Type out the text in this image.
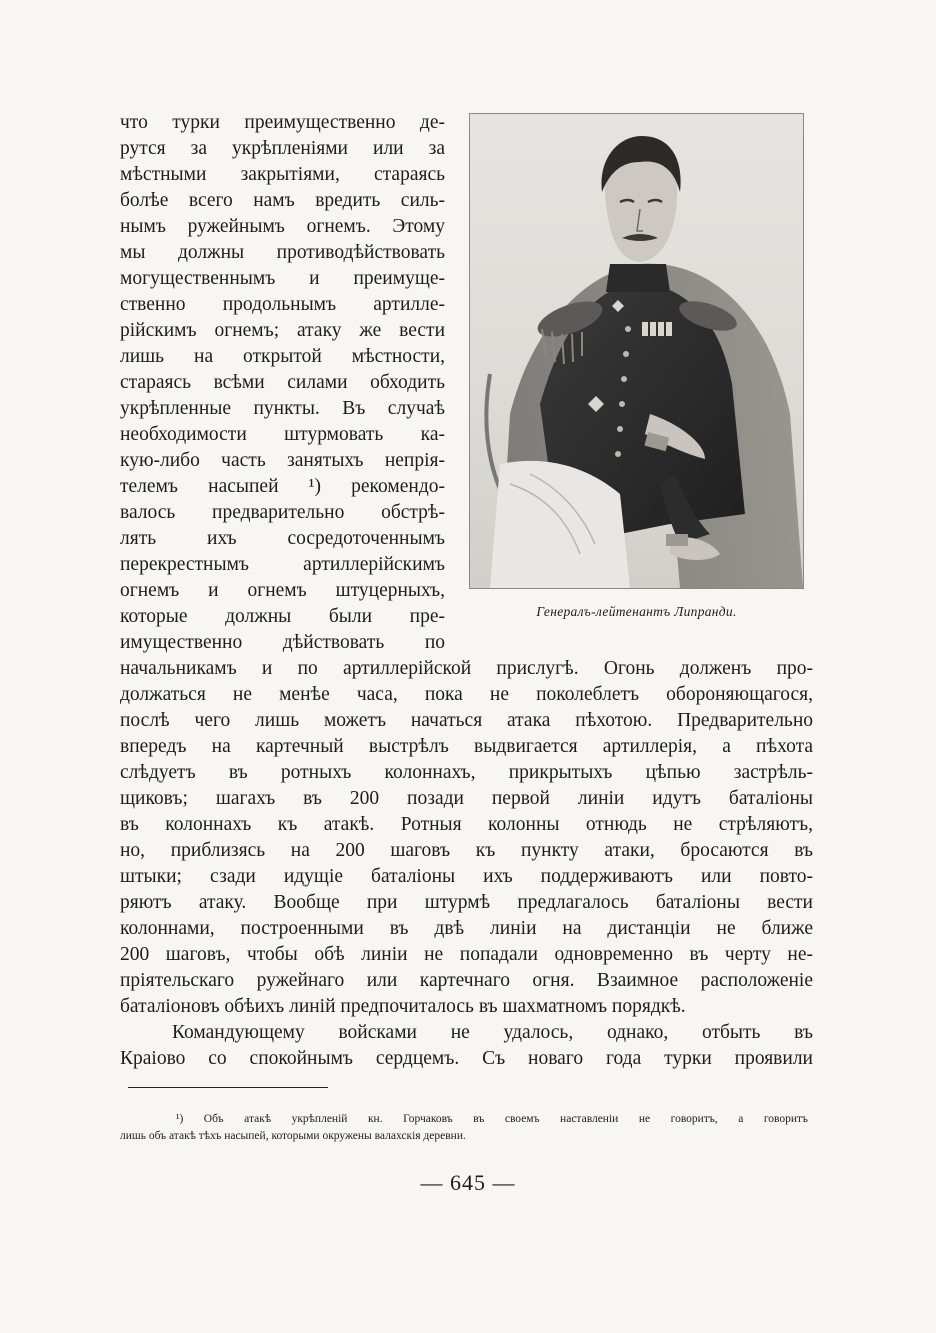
что турки преимущественно де-
рутся за укрѣпленіями или за
мѣстными закрытіями, стараясь
болѣе всего намъ вредить силь-
нымъ ружейнымъ огнемъ. Этому
мы должны противодѣйствовать
могущественнымъ и преимуще-
ственно продольнымъ артилле-
рійскимъ огнемъ; атаку же вести
лишь на открытой мѣстности,
стараясь всѣми силами обходить
укрѣпленные пункты. Въ случаѣ
необходимости штурмовать ка-
кую-либо часть занятыхъ непрія-
телемъ насыпей ¹) рекомендо-
валось предварительно обстрѣ-
лять ихъ сосредоточеннымъ
перекрестнымъ артиллерійскимъ
огнемъ и огнемъ штуцерныхъ,
которые должны были пре-
имущественно дѣйствовать по
Генералъ-лейтенантъ Липранди.
начальникамъ и по артиллерійской прислугѣ. Огонь долженъ про-
должаться не менѣе часа, пока не поколеблетъ обороняющагося,
послѣ чего лишь можетъ начаться атака пѣхотою. Предварительно
впередъ на картечный выстрѣлъ выдвигается артиллерія, а пѣхота
слѣдуетъ въ ротныхъ колоннахъ, прикрытыхъ цѣпью застрѣль-
щиковъ; шагахъ въ 200 позади первой линіи идутъ баталіоны
въ колоннахъ къ атакѣ. Ротныя колонны отнюдь не стрѣляютъ,
но, приблизясь на 200 шаговъ къ пункту атаки, бросаются въ
штыки; сзади идущіе баталіоны ихъ поддерживаютъ или повто-
ряютъ атаку. Вообще при штурмѣ предлагалось баталіоны вести
колоннами, построенными въ двѣ линіи на дистанціи не ближе
200 шаговъ, чтобы обѣ линіи не попадали одновременно въ черту не-
пріятельскаго ружейнаго или картечнаго огня. Взаимное расположеніе
баталіоновъ обѣихъ линій предпочиталось въ шахматномъ порядкѣ.
Командующему войсками не удалось, однако, отбыть въ
Краіово со спокойнымъ сердцемъ. Съ новаго года турки проявили
¹) Объ атакѣ укрѣпленій кн. Горчаковъ въ своемъ наставленіи не говоритъ, а говоритъ
лишь объ атакѣ тѣхъ насыпей, которыми окружены валахскія деревни.
— 645 —
